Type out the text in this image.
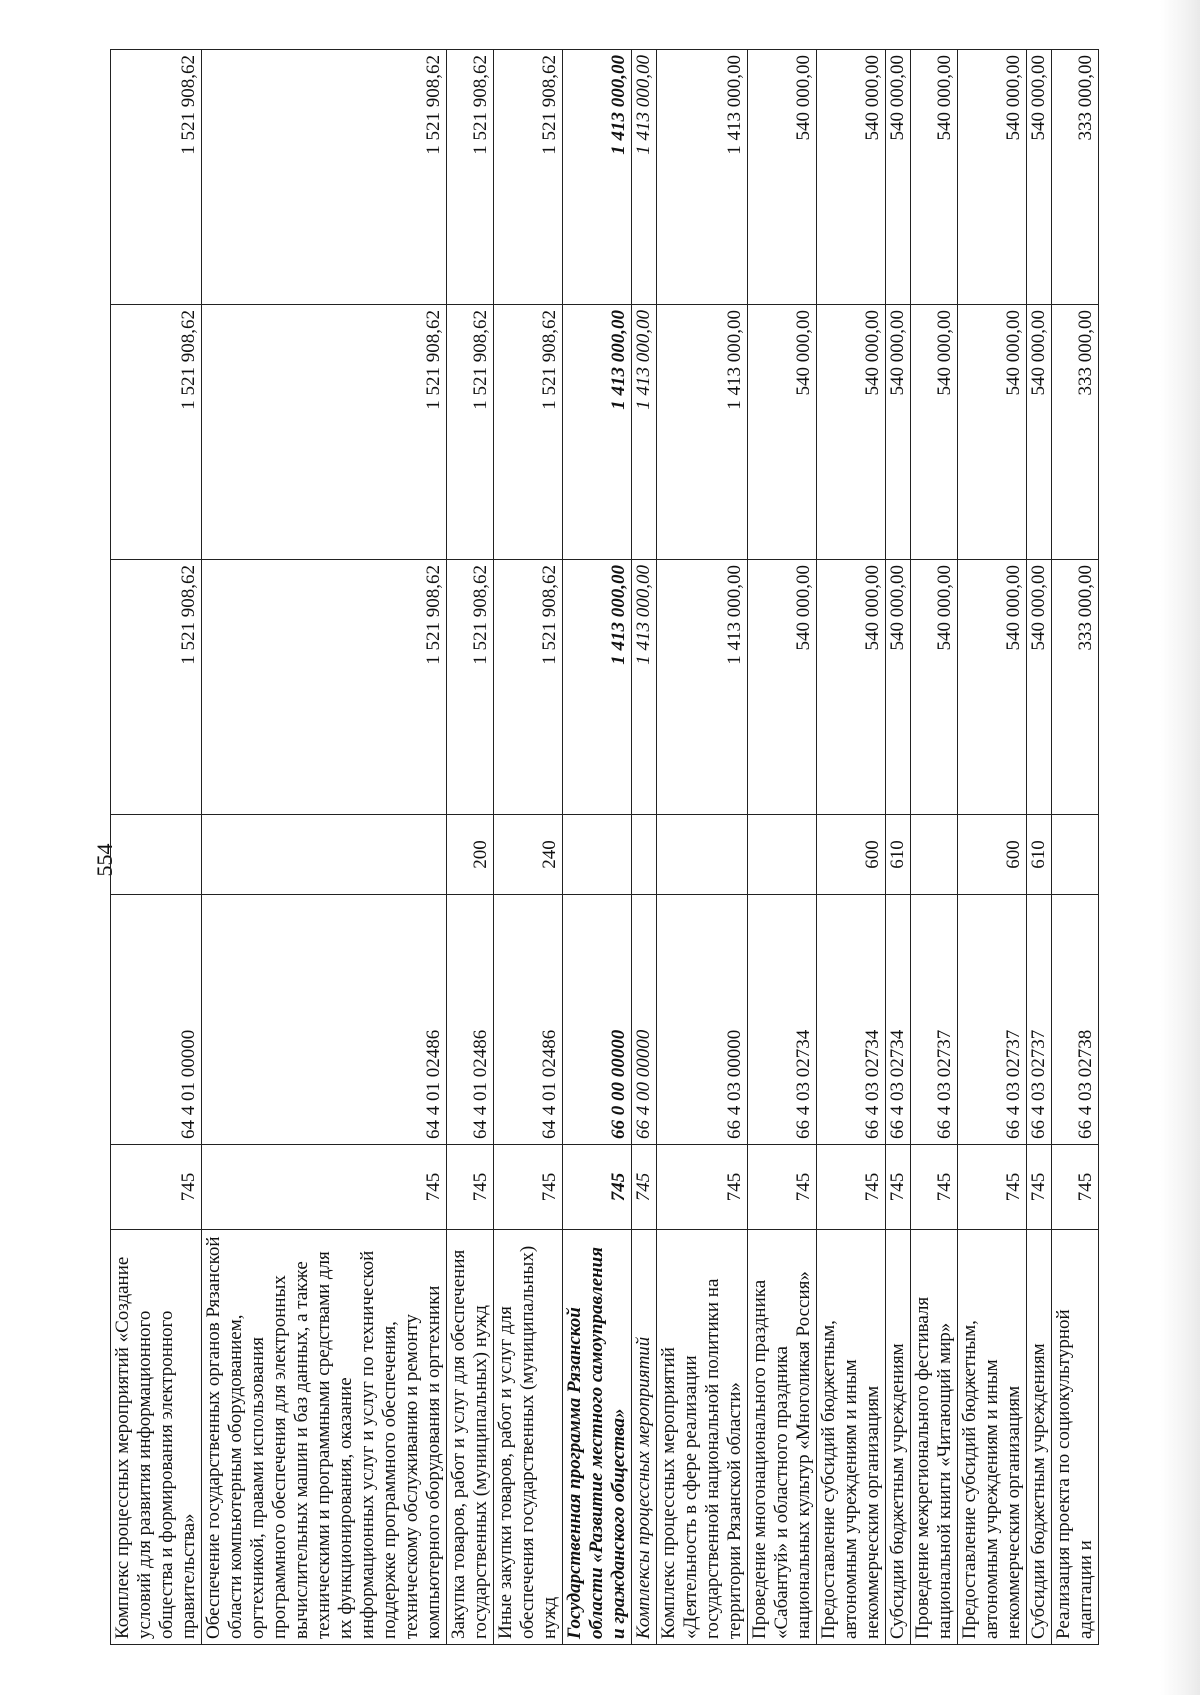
554
Комплекс процессных мероприятий «Создание условий для развития информационного общества и формирования электронного правительства»	745	64 4 01 00000		1 521 908,62	1 521 908,62	1 521 908,62
Обеспечение государственных органов Рязанской области компьютерным оборудованием, оргтехникой, правами использования программного обеспечения для электронных вычислительных машин и баз данных, а также техническими и программными средствами для их функционирования, оказание информационных услуг и услуг по технической поддержке программного обеспечения, техническому обслуживанию и ремонту компьютерного оборудования и оргтехники	745	64 4 01 02486		1 521 908,62	1 521 908,62	1 521 908,62
Закупка товаров, работ и услуг для обеспечения государственных (муниципальных) нужд	745	64 4 01 02486	200	1 521 908,62	1 521 908,62	1 521 908,62
Иные закупки товаров, работ и услуг для обеспечения государственных (муниципальных) нужд	745	64 4 01 02486	240	1 521 908,62	1 521 908,62	1 521 908,62
Государственная программа Рязанской области «Развитие местного самоуправления и гражданского общества»	745	66 0 00 00000		1 413 000,00	1 413 000,00	1 413 000,00
Комплексы процессных мероприятий	745	66 4 00 00000		1 413 000,00	1 413 000,00	1 413 000,00
Комплекс процессных мероприятий «Деятельность в сфере реализации государственной национальной политики на территории Рязанской области»	745	66 4 03 00000		1 413 000,00	1 413 000,00	1 413 000,00
Проведение многонационального праздника «Сабантуй» и областного праздника национальных культур «Многоликая Россия»	745	66 4 03 02734		540 000,00	540 000,00	540 000,00
Предоставление субсидий бюджетным, автономным учреждениям и иным некоммерческим организациям	745	66 4 03 02734	600	540 000,00	540 000,00	540 000,00
Субсидии бюджетным учреждениям	745	66 4 03 02734	610	540 000,00	540 000,00	540 000,00
Проведение межрегионального фестиваля национальной книги «Читающий мир»	745	66 4 03 02737		540 000,00	540 000,00	540 000,00
Предоставление субсидий бюджетным, автономным учреждениям и иным некоммерческим организациям	745	66 4 03 02737	600	540 000,00	540 000,00	540 000,00
Субсидии бюджетным учреждениям	745	66 4 03 02737	610	540 000,00	540 000,00	540 000,00
Реализация проекта по социокультурной адаптации и	745	66 4 03 02738		333 000,00	333 000,00	333 000,00
